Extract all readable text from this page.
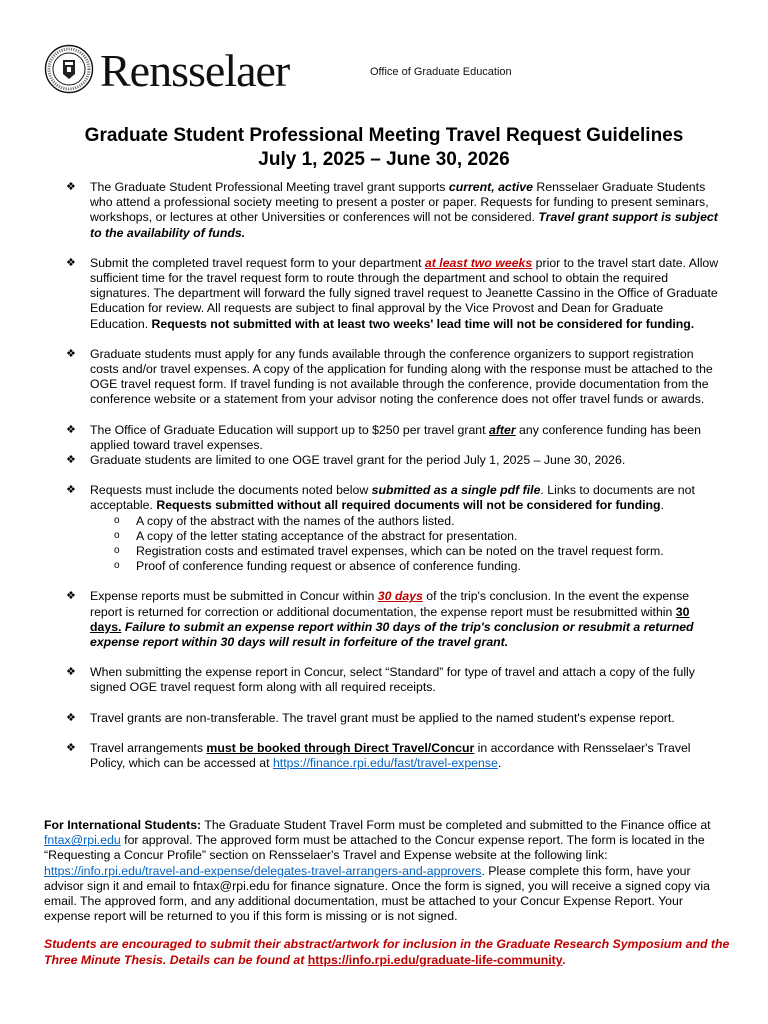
Rensselaer	Office of Graduate Education
Graduate Student Professional Meeting Travel Request Guidelines
July 1, 2025 – June 30, 2026
❖ The Graduate Student Professional Meeting travel grant supports current, active Rensselaer Graduate Students who attend a professional society meeting to present a poster or paper. Requests for funding to present seminars, workshops, or lectures at other Universities or conferences will not be considered. Travel grant support is subject to the availability of funds.
❖ Submit the completed travel request form to your department at least two weeks prior to the travel start date. Allow sufficient time for the travel request form to route through the department and school to obtain the required signatures. The department will forward the fully signed travel request to Jeanette Cassino in the Office of Graduate Education for review. All requests are subject to final approval by the Vice Provost and Dean for Graduate Education. Requests not submitted with at least two weeks' lead time will not be considered for funding.
❖ Graduate students must apply for any funds available through the conference organizers to support registration costs and/or travel expenses. A copy of the application for funding along with the response must be attached to the OGE travel request form. If travel funding is not available through the conference, provide documentation from the conference website or a statement from your advisor noting the conference does not offer travel funds or awards.
❖ The Office of Graduate Education will support up to $250 per travel grant after any conference funding has been applied toward travel expenses.
❖ Graduate students are limited to one OGE travel grant for the period July 1, 2025 – June 30, 2026.
❖ Requests must include the documents noted below submitted as a single pdf file. Links to documents are not acceptable. Requests submitted without all required documents will not be considered for funding.
o A copy of the abstract with the names of the authors listed.
o A copy of the letter stating acceptance of the abstract for presentation.
o Registration costs and estimated travel expenses, which can be noted on the travel request form.
o Proof of conference funding request or absence of conference funding.
❖ Expense reports must be submitted in Concur within 30 days of the trip's conclusion. In the event the expense report is returned for correction or additional documentation, the expense report must be resubmitted within 30 days. Failure to submit an expense report within 30 days of the trip's conclusion or resubmit a returned expense report within 30 days will result in forfeiture of the travel grant.
❖ When submitting the expense report in Concur, select “Standard” for type of travel and attach a copy of the fully signed OGE travel request form along with all required receipts.
❖ Travel grants are non-transferable. The travel grant must be applied to the named student's expense report.
❖ Travel arrangements must be booked through Direct Travel/Concur in accordance with Rensselaer's Travel Policy, which can be accessed at https://finance.rpi.edu/fast/travel-expense.
For International Students: The Graduate Student Travel Form must be completed and submitted to the Finance office at fntax@rpi.edu for approval. The approved form must be attached to the Concur expense report. The form is located in the “Requesting a Concur Profile” section on Rensselaer's Travel and Expense website at the following link: https://info.rpi.edu/travel-and-expense/delegates-travel-arrangers-and-approvers. Please complete this form, have your advisor sign it and email to fntax@rpi.edu for finance signature. Once the form is signed, you will receive a signed copy via email. The approved form, and any additional documentation, must be attached to your Concur Expense Report. Your expense report will be returned to you if this form is missing or is not signed.
Students are encouraged to submit their abstract/artwork for inclusion in the Graduate Research Symposium and the Three Minute Thesis. Details can be found at https://info.rpi.edu/graduate-life-community.
